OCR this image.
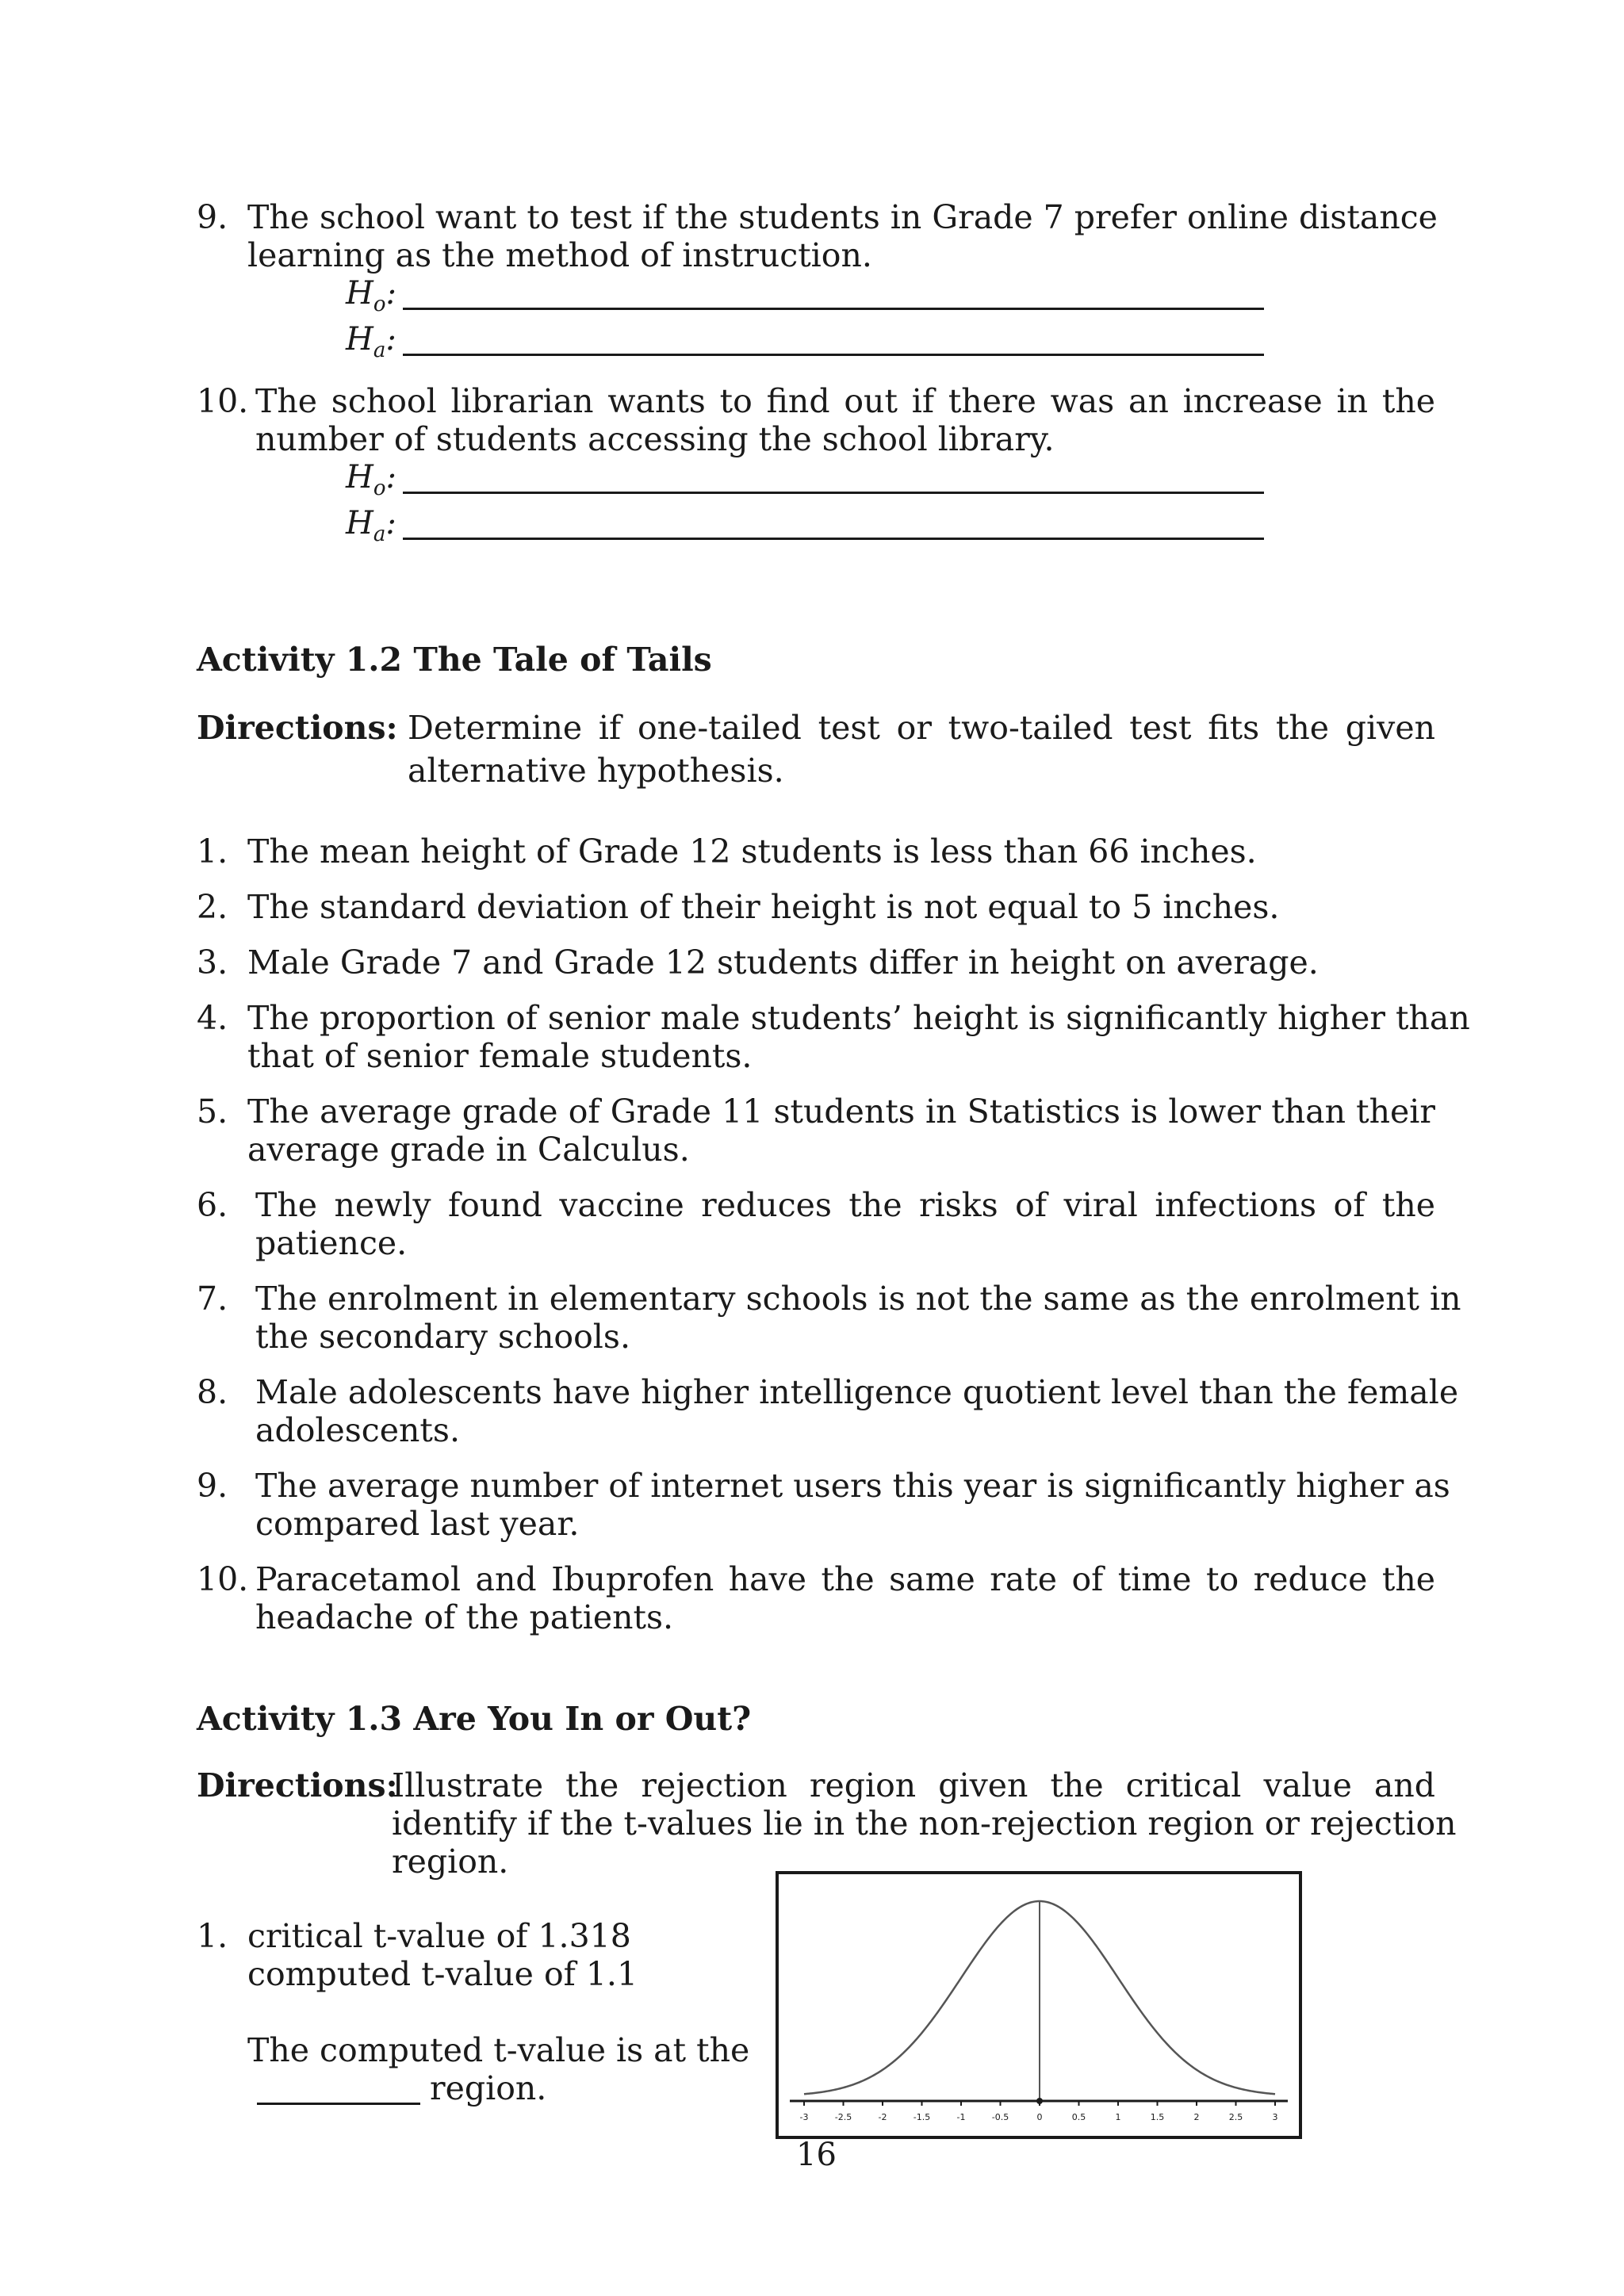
9. The school want to test if the students in Grade 7 prefer online distance
learning as the method of instruction.
$H_o$:
$H_a$:
10. The school librarian wants to find out if there was an increase in the
number of students accessing the school library.
$H_o$:
$H_a$:
Activity 1.2 The Tale of Tails
Directions: Determine if one-tailed test or two-tailed test fits the given
alternative hypothesis.
1. The mean height of Grade 12 students is less than 66 inches.
2. The standard deviation of their height is not equal to 5 inches.
3. Male Grade 7 and Grade 12 students differ in height on average.
4. The proportion of senior male students’ height is significantly higher than
that of senior female students.
5. The average grade of Grade 11 students in Statistics is lower than their
average grade in Calculus.
6. The newly found vaccine reduces the risks of viral infections of the
patience.
7. The enrolment in elementary schools is not the same as the enrolment in
the secondary schools.
8. Male adolescents have higher intelligence quotient level than the female
adolescents.
9. The average number of internet users this year is significantly higher as
compared last year.
10. Paracetamol and Ibuprofen have the same rate of time to reduce the
headache of the patients.
Activity 1.3 Are You In or Out?
Directions:
Illustrate the rejection region given the critical value and
identify if the t-values lie in the non-rejection region or rejection
region.
1. critical t-value of 1.318
computed t-value of 1.1
The computed t-value is at the
region.
-3	-2.5	-2	-1.5	-1	-0.5	0	0.5	1	1.5	2	2.5	3
16
